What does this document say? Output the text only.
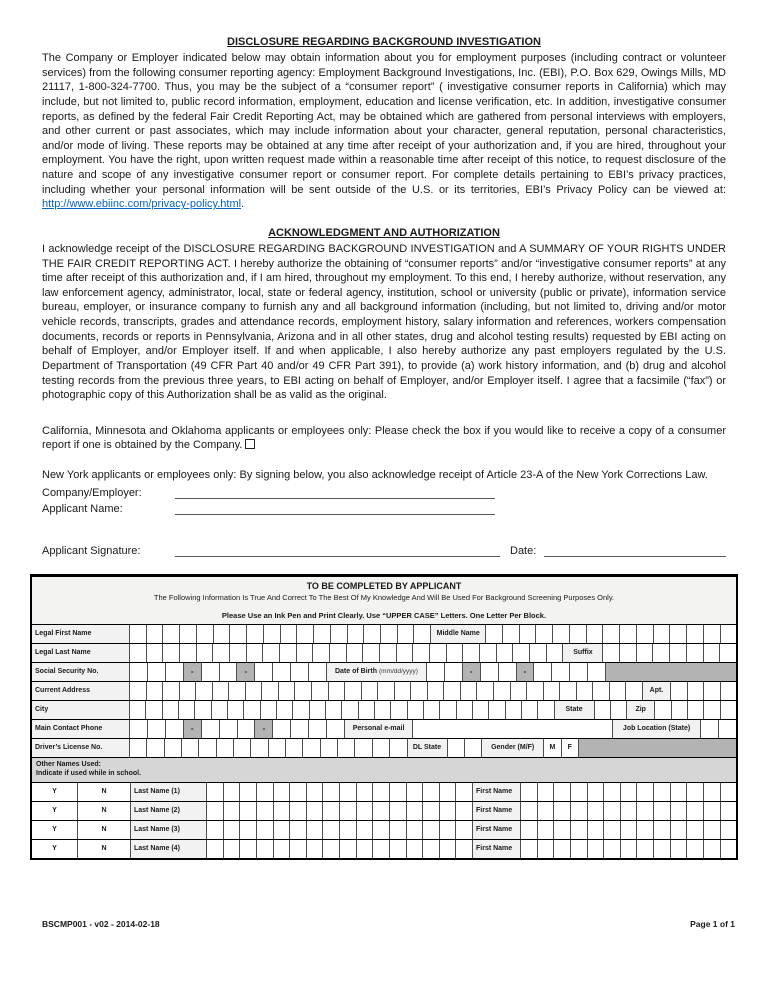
DISCLOSURE REGARDING BACKGROUND INVESTIGATION

The Company or Employer indicated below may obtain information about you for employment purposes (including contract or volunteer services) from the following consumer reporting agency: Employment Background Investigations, Inc. (EBI), P.O. Box 629, Owings Mills, MD 21117, 1-800-324-7700. Thus, you may be the subject of a “consumer report” ( investigative consumer reports in California) which may include, but not limited to, public record information, employment, education and license verification, etc. In addition, investigative consumer reports, as defined by the federal Fair Credit Reporting Act, may be obtained which are gathered from personal interviews with employers, and other current or past associates, which may include information about your character, general reputation, personal characteristics, and/or mode of living. These reports may be obtained at any time after receipt of your authorization and, if you are hired, throughout your employment. You have the right, upon written request made within a reasonable time after receipt of this notice, to request disclosure of the nature and scope of any investigative consumer report or consumer report. For complete details pertaining to EBI’s privacy practices, including whether your personal information will be sent outside of the U.S. or its territories, EBI’s Privacy Policy can be viewed at: http://www.ebiinc.com/privacy-policy.html.

ACKNOWLEDGMENT AND AUTHORIZATION

I acknowledge receipt of the DISCLOSURE REGARDING BACKGROUND INVESTIGATION and A SUMMARY OF YOUR RIGHTS UNDER THE FAIR CREDIT REPORTING ACT. I hereby authorize the obtaining of “consumer reports” and/or “investigative consumer reports” at any time after receipt of this authorization and, if I am hired, throughout my employment. To this end, I hereby authorize, without reservation, any law enforcement agency, administrator, local, state or federal agency, institution, school or university (public or private), information service bureau, employer, or insurance company to furnish any and all background information (including, but not limited to, driving and/or motor vehicle records, transcripts, grades and attendance records, employment history, salary information and references, workers compensation documents, records or reports in Pennsylvania, Arizona and in all other states, drug and alcohol testing results) requested by EBI acting on behalf of Employer, and/or Employer itself. If and when applicable, I also hereby authorize any past employers regulated by the U.S. Department of Transportation (49 CFR Part 40 and/or 49 CFR Part 391), to provide (a) work history information, and (b) drug and alcohol testing records from the previous three years, to EBI acting on behalf of Employer, and/or Employer itself. I agree that a facsimile (“fax”) or photographic copy of this Authorization shall be as valid as the original.

California, Minnesota and Oklahoma applicants or employees only: Please check the box if you would like to receive a copy of a consumer report if one is obtained by the Company.

New York applicants or employees only: By signing below, you also acknowledge receipt of Article 23-A of the New York Corrections Law.

Company/Employer:
Applicant Name:
Applicant Signature:	Date:
TO BE COMPLETED BY APPLICANT
The Following Information Is True And Correct To The Best Of My Knowledge And Will Be Used For Background Screening Purposes Only.
Please Use an Ink Pen and Print Clearly. Use “UPPER CASE” Letters. One Letter Per Block.
Legal First Name	Middle Name
Legal Last Name	Suffix
Social Security No.	-	-	Date of Birth (mm/dd/yyyy)	-	-
Current Address	Apt.
City	State	Zip
Main Contact Phone	-	-	Personal e-mail	Job Location (State)
Driver’s License No.	DL State	Gender (M/F)	M	F
Other Names Used:
Indicate if used while in school.
Y	N	Last Name (1)	First Name
Y	N	Last Name (2)	First Name
Y	N	Last Name (3)	First Name
Y	N	Last Name (4)	First Name
BSCMP001 - v02 - 2014-02-18	Page 1 of 1
